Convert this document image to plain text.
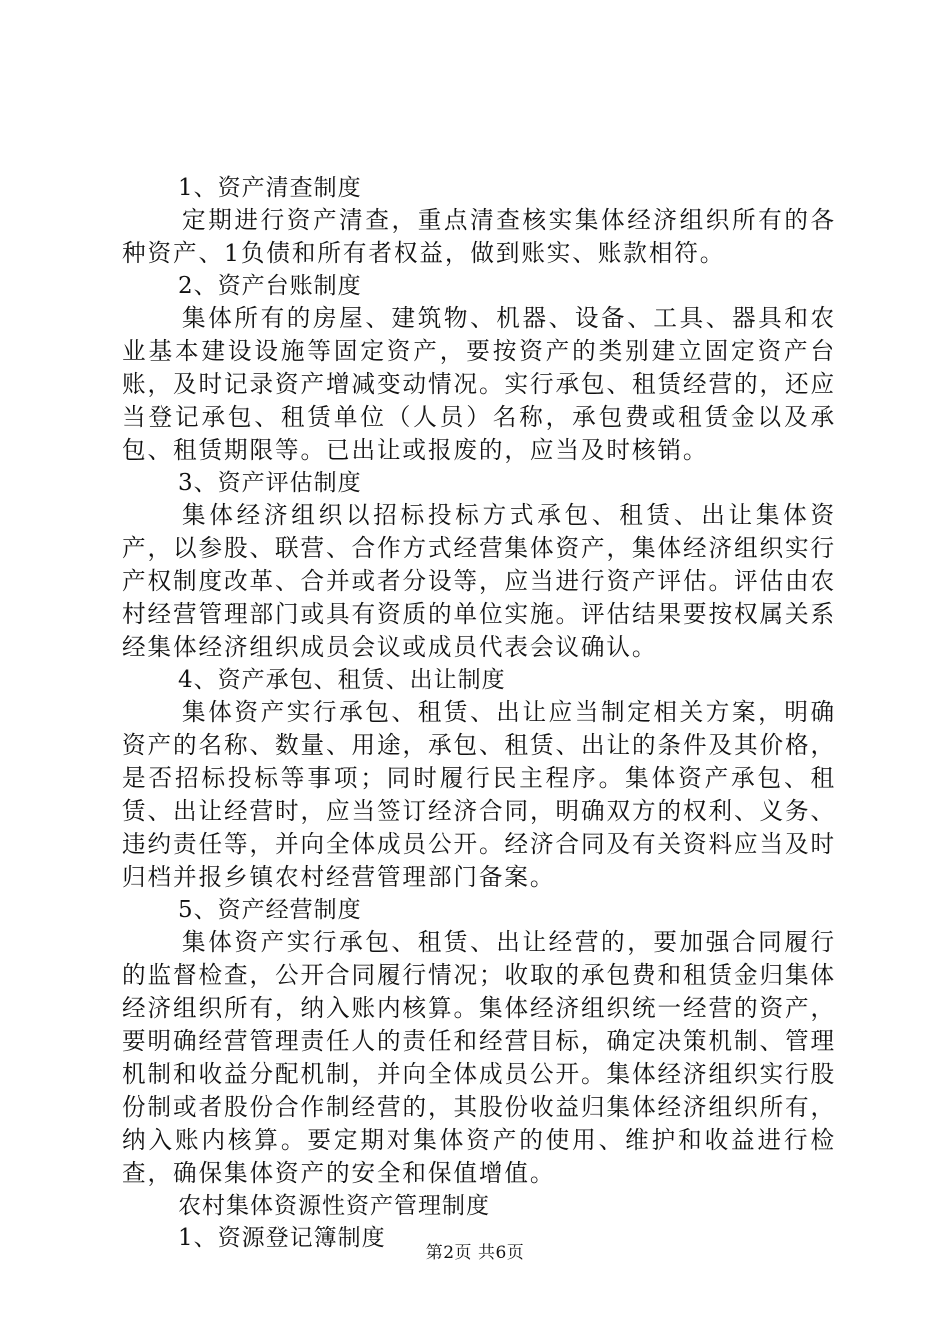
1、资产清查制度

定期进行资产清查，重点清查核实集体经济组织所有的各种资产、1负债和所有者权益，做到账实、账款相符。

2、资产台账制度

集体所有的房屋、建筑物、机器、设备、工具、器具和农业基本建设设施等固定资产，要按资产的类别建立固定资产台账，及时记录资产增减变动情况。实行承包、租赁经营的，还应当登记承包、租赁单位（人员）名称，承包费或租赁金以及承包、租赁期限等。已出让或报废的，应当及时核销。

3、资产评估制度

集体经济组织以招标投标方式承包、租赁、出让集体资产，以参股、联营、合作方式经营集体资产，集体经济组织实行产权制度改革、合并或者分设等，应当进行资产评估。评估由农村经营管理部门或具有资质的单位实施。评估结果要按权属关系经集体经济组织成员会议或成员代表会议确认。

4、资产承包、租赁、出让制度

集体资产实行承包、租赁、出让应当制定相关方案，明确资产的名称、数量、用途，承包、租赁、出让的条件及其价格，是否招标投标等事项；同时履行民主程序。集体资产承包、租赁、出让经营时，应当签订经济合同，明确双方的权利、义务、违约责任等，并向全体成员公开。经济合同及有关资料应当及时归档并报乡镇农村经营管理部门备案。

5、资产经营制度

集体资产实行承包、租赁、出让经营的，要加强合同履行的监督检查，公开合同履行情况；收取的承包费和租赁金归集体经济组织所有，纳入账内核算。集体经济组织统一经营的资产，要明确经营管理责任人的责任和经营目标，确定决策机制、管理机制和收益分配机制，并向全体成员公开。集体经济组织实行股份制或者股份合作制经营的，其股份收益归集体经济组织所有，纳入账内核算。要定期对集体资产的使用、维护和收益进行检查，确保集体资产的安全和保值增值。

农村集体资源性资产管理制度
1、资源登记簿制度
第2页 共6页
